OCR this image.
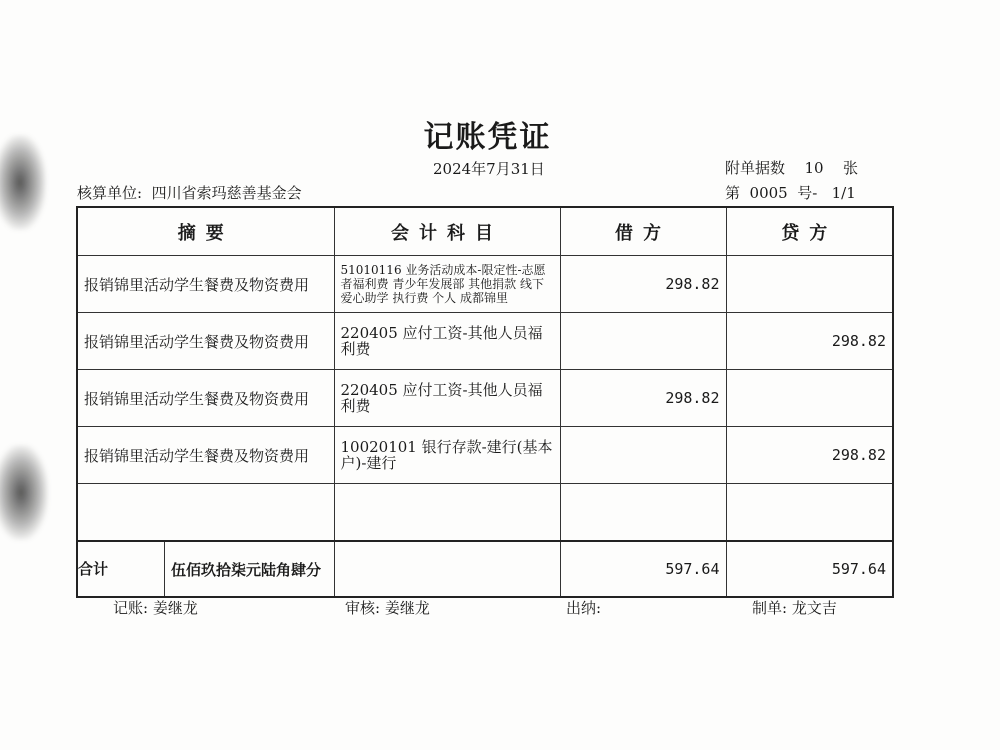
记账凭证
2024年7月31日	附单据数 10 张
核算单位: 四川省索玛慈善基金会	第  0005  号-   1/1
摘要	会计科目	借方	贷方
报销锦里活动学生餐费及物资费用	51010116 业务活动成本-限定性-志愿者福利费 青少年发展部 其他捐款 线下爱心助学 执行费 个人 成都锦里	298.82	
报销锦里活动学生餐费及物资费用	220405 应付工资-其他人员福利费		298.82
报销锦里活动学生餐费及物资费用	220405 应付工资-其他人员福利费	298.82	
报销锦里活动学生餐费及物资费用	10020101 银行存款-建行(基本户)-建行		298.82

合计 伍佰玖拾柒元陆角肆分		597.64	597.64
记账: 姜继龙	审核: 姜继龙	出纳:	制单: 龙文吉
